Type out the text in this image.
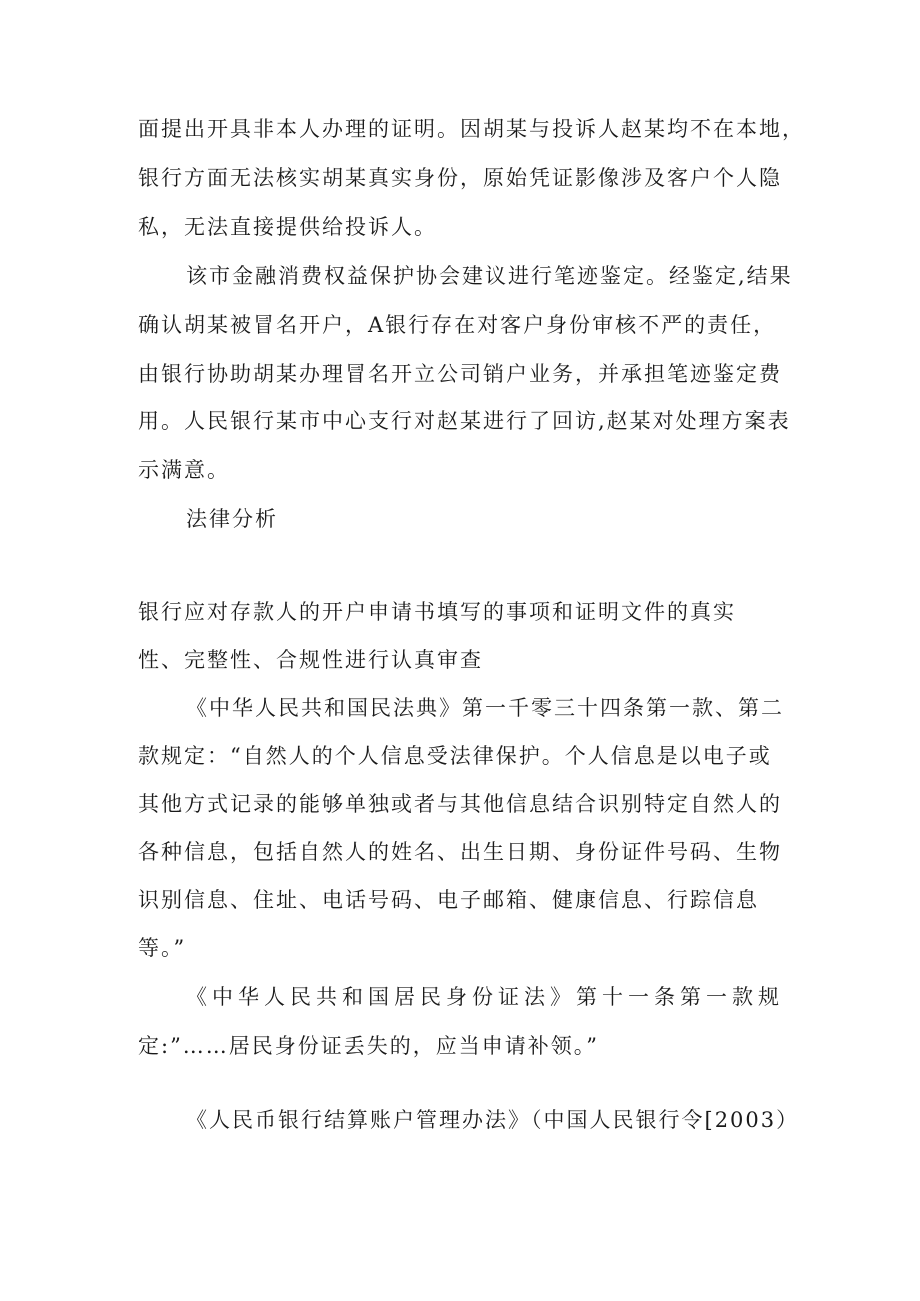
面提出开具非本人办理的证明。因胡某与投诉人赵某均不在本地，
银行方面无法核实胡某真实身份，原始凭证影像涉及客户个人隐
私，无法直接提供给投诉人。
该市金融消费权益保护协会建议进行笔迹鉴定。经鉴定,结果
确认胡某被冒名开户，A银行存在对客户身份审核不严的责任，
由银行协助胡某办理冒名开立公司销户业务，并承担笔迹鉴定费
用。人民银行某市中心支行对赵某进行了回访,赵某对处理方案表
示满意。
法律分析
银行应对存款人的开户申请书填写的事项和证明文件的真实
性、完整性、合规性进行认真审查
《中华人民共和国民法典》第一千零三十四条第一款、第二
款规定：“自然人的个人信息受法律保护。个人信息是以电子或
其他方式记录的能够单独或者与其他信息结合识别特定自然人的
各种信息，包括自然人的姓名、出生日期、身份证件号码、生物
识别信息、住址、电话号码、电子邮箱、健康信息、行踪信息
等。”
《中华人民共和国居民身份证法》第十一条第一款规
定:”……居民身份证丢失的，应当申请补领。”
《人民币银行结算账户管理办法》（中国人民银行令[2003）
